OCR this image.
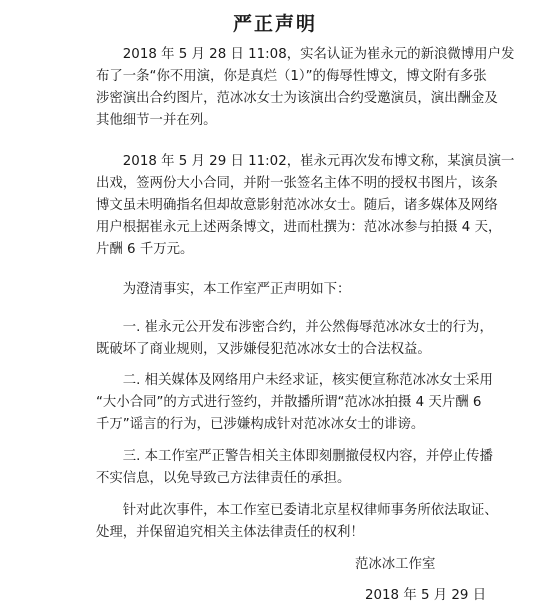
严正声明
　　2018 年 5 月 28 日 11:08，实名认证为崔永元的新浪微博用户发
布了一条“你不用演，你是真烂（1）”的侮辱性博文，博文附有多张
涉密演出合约图片，范冰冰女士为该演出合约受邀演员，演出酬金及
其他细节一并在列。
　　2018 年 5 月 29 日 11:02，崔永元再次发布博文称，某演员演一
出戏，签两份大小合同，并附一张签名主体不明的授权书图片，该条
博文虽未明确指名但却故意影射范冰冰女士。随后，诸多媒体及网络
用户根据崔永元上述两条博文，进而杜撰为：范冰冰参与拍摄 4 天，
片酬 6 千万元。
　　为澄清事实，本工作室严正声明如下：
　　一. 崔永元公开发布涉密合约，并公然侮辱范冰冰女士的行为，
既破坏了商业规则，又涉嫌侵犯范冰冰女士的合法权益。
　　二. 相关媒体及网络用户未经求证，核实便宣称范冰冰女士采用
“大小合同”的方式进行签约，并散播所谓“范冰冰拍摄 4 天片酬 6
千万”谣言的行为，已涉嫌构成针对范冰冰女士的诽谤。
　　三. 本工作室严正警告相关主体即刻删撤侵权内容，并停止传播
不实信息，以免导致己方法律责任的承担。
　　针对此次事件，本工作室已委请北京星权律师事务所依法取证、
处理，并保留追究相关主体法律责任的权利！
范冰冰工作室
2018 年 5 月 29 日
